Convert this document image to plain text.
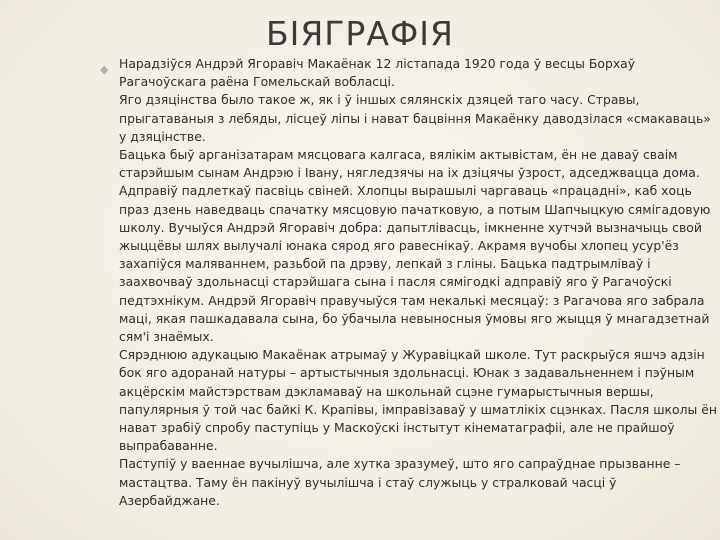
БІЯГРАФІЯ
◆ Нарадзіўся Андрэй Ягоравіч Макаёнак 12 лістапада 1920 года ў весцы Борхаў Рагачоўскага раёна Гомельскай вобласці.

Яго дзяцінства было такое ж, як і ў іншых сялянскіх дзяцей таго часу. Стравы, прыгатаваныя з лебяды, лісцеў ліпы і нават бацвіння Макаёнку даводзілася «смакаваць» у дзяцінстве.

Бацька быў арганізатарам мясцовага калгаса, вялікім актывістам, ён не даваў сваім старэйшым сынам Андрэю і Івану, нягледзячы на іх дзіцячы ўзрост, адседжвацца дома. Адправіў падлеткаў пасвіць свіней. Хлопцы вырашылі чаргаваць «працадні», каб хоць праз дзень наведваць спачатку мясцовую пачатковую, а потым Шапчыцкую сямігадовую школу. Вучыўся Андрэй Ягоравіч добра: дапытлівасць, імкненне хутчэй вызначыць свой жыццёвы шлях вылучалі юнака сярод яго равеснікаў. Акрамя вучобы хлопец усур'ёз захапіўся маляваннем, разьбой па дрэву, лепкай з гліны. Бацька падтрымліваў і заахвочваў здольнасці старэйшага сына і пасля сямігодкі адправіў яго ў Рагачоўскі педтэхнікум. Андрэй Ягоравіч правучыўся там некалькі месяцаў: з Рагачова яго забрала маці, якая пашкадавала сына, бо ўбачыла невыносныя ўмовы яго жыцця ў мнагадзетнай сям'і знаёмых.

Сярэднюю адукацыю Макаёнак атрымаў у Журавіцкай школе. Тут раскрыўся яшчэ адзін бок яго адоранай натуры – артыстычныя здольнасці. Юнак з задавальненнем і пэўным акцёрскім майстэрствам дэкламаваў на школьнай сцэне гумарыстычныя вершы, папулярныя ў той час байкі К. Крапівы, імправізаваў у шматлікіх сцэнках. Пасля школы ён нават зрабіў спробу паступіць у Маскоўскі інстытут кінематаграфіі, але не прайшоў выпрабаванне.

Паступіў у ваеннае вучылішча, але хутка зразумеў, што яго сапраўднае прызванне – мастацтва. Таму ён пакінуў вучылішча і стаў служыць у стралковай часці ў Азербайджане.
